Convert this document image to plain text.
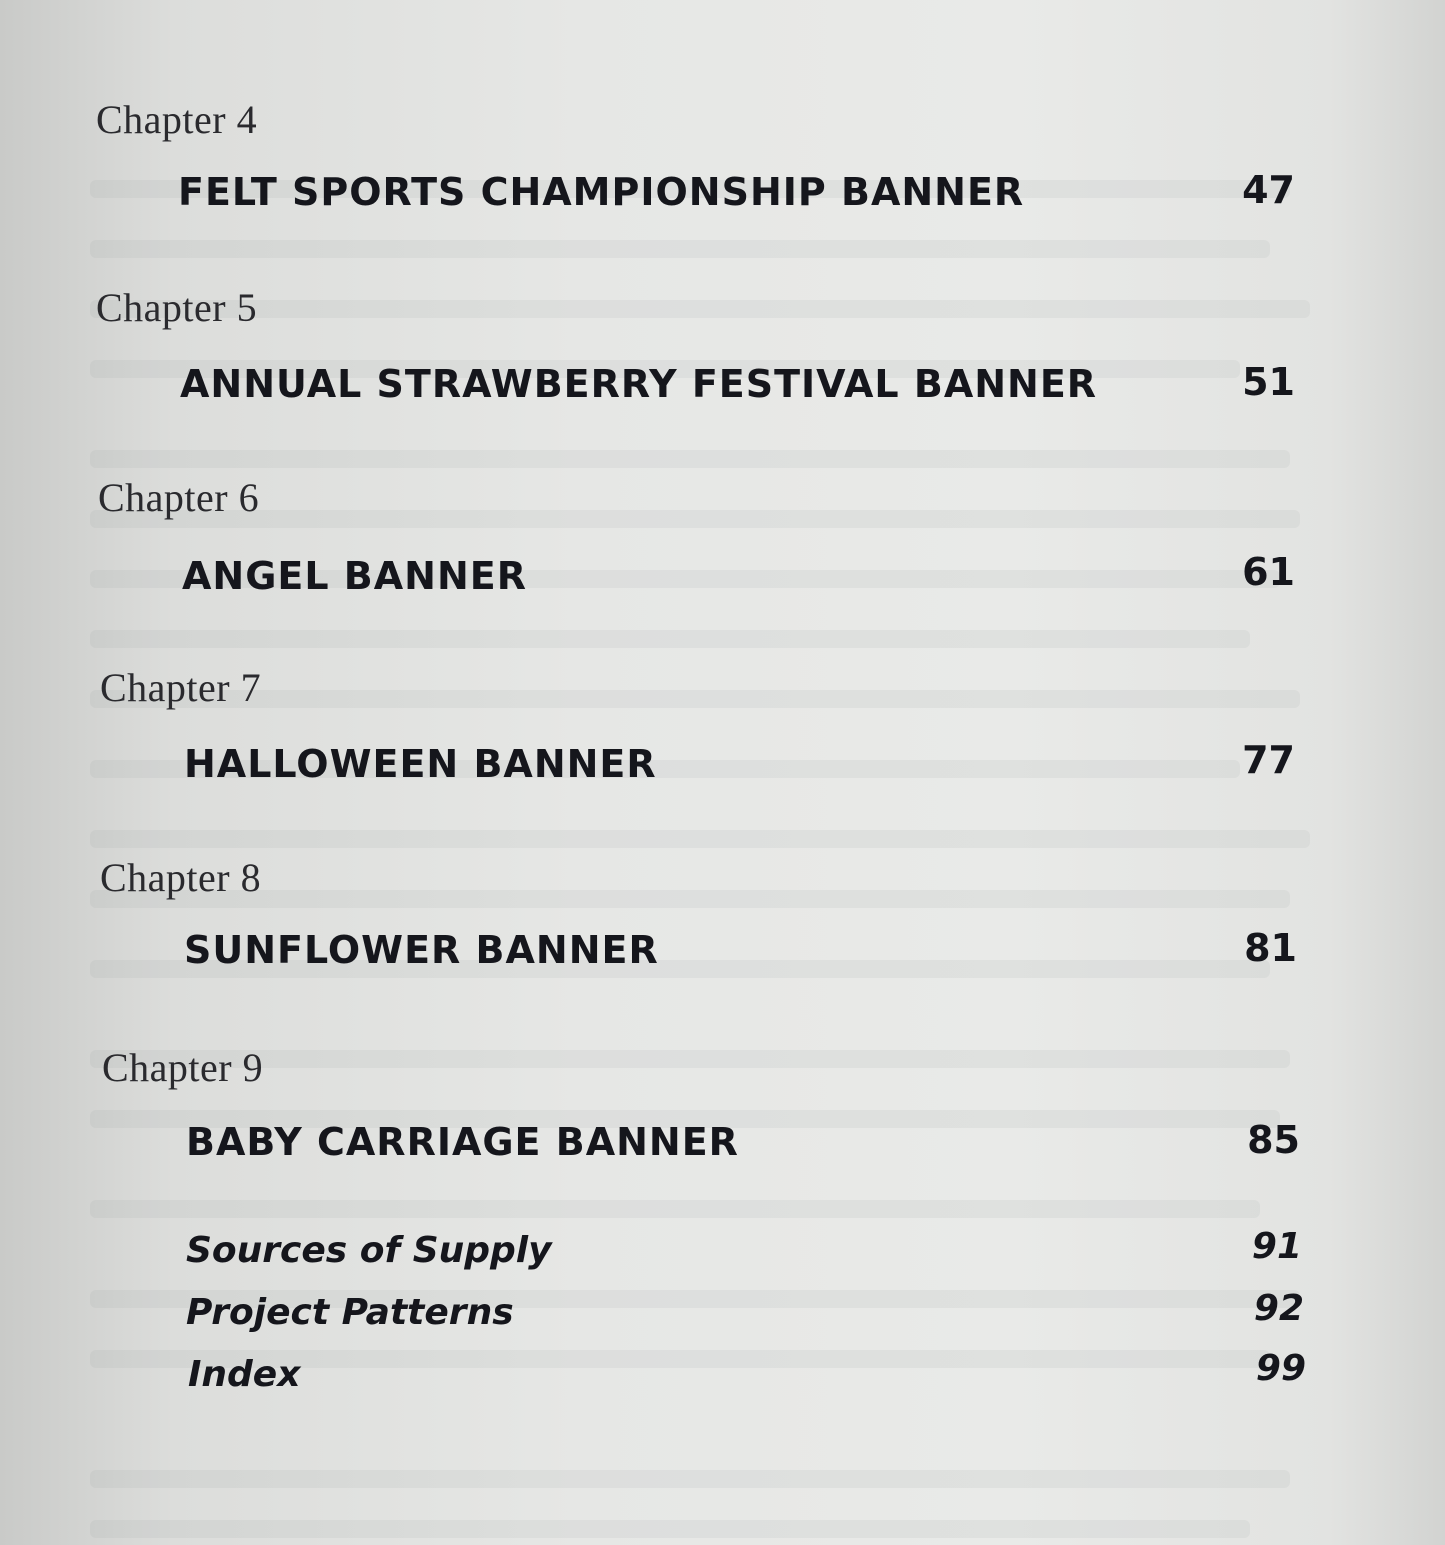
Chapter 4
FELT SPORTS CHAMPIONSHIP BANNER	47
Chapter 5
ANNUAL STRAWBERRY FESTIVAL BANNER	51
Chapter 6
ANGEL BANNER	61
Chapter 7
HALLOWEEN BANNER	77
Chapter 8
SUNFLOWER BANNER	81
Chapter 9
BABY CARRIAGE BANNER	85
Sources of Supply	91
Project Patterns	92
Index	99
